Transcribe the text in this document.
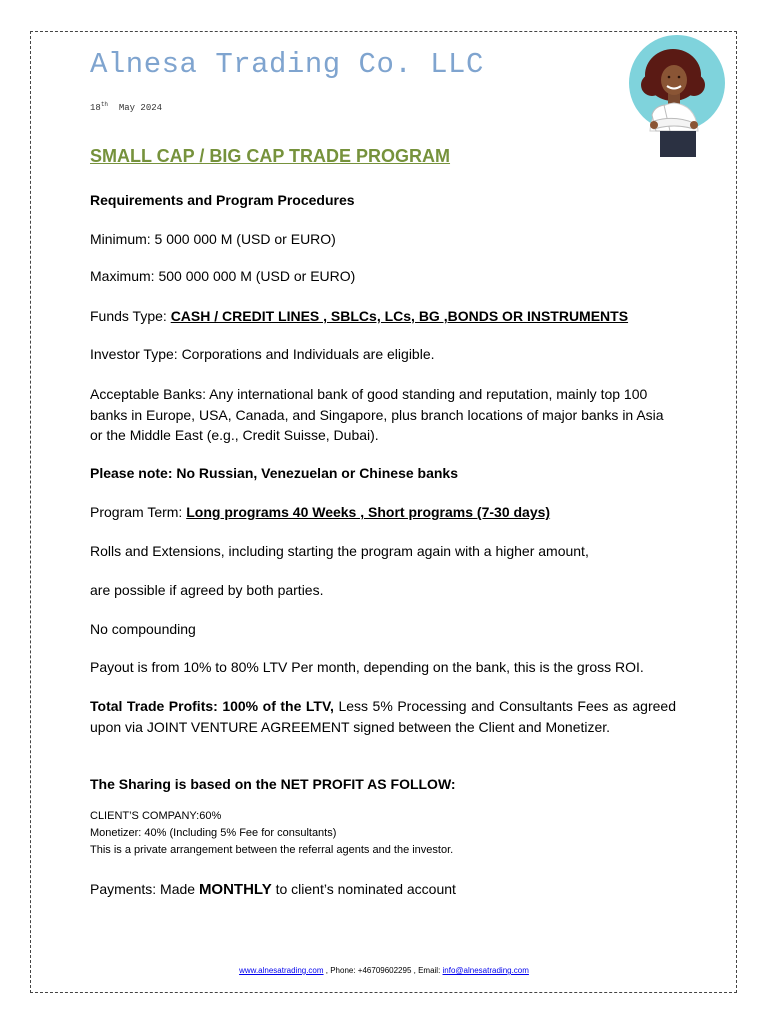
Alnesa Trading Co. LLC
18th May 2024
SMALL CAP / BIG CAP TRADE PROGRAM
Requirements and Program Procedures
Minimum: 5 000 000 M (USD or EURO)
Maximum: 500 000 000 M (USD or EURO)
Funds Type: CASH / CREDIT LINES , SBLCs, LCs, BG ,BONDS OR INSTRUMENTS
Investor Type: Corporations and Individuals are eligible.
Acceptable Banks: Any international bank of good standing and reputation, mainly top 100 banks in Europe, USA, Canada, and Singapore, plus branch locations of major banks in Asia or the Middle East (e.g., Credit Suisse, Dubai).
Please note: No Russian, Venezuelan or Chinese banks
Program Term: Long programs 40 Weeks , Short programs (7-30 days)
Rolls and Extensions, including starting the program again with a higher amount,
are possible if agreed by both parties.
No compounding
Payout is from 10% to 80% LTV Per month, depending on the bank, this is the gross ROI.
Total Trade Profits: 100% of the LTV, Less 5% Processing and Consultants Fees as agreed upon via JOINT VENTURE AGREEMENT signed between the Client and Monetizer.
The Sharing is based on the NET PROFIT AS FOLLOW:
CLIENT’S COMPANY:60%
Monetizer: 40% (Including 5% Fee for consultants)
This is a private arrangement between the referral agents and the investor.
Payments: Made MONTHLY to client’s nominated account
www.alnesatrading.com , Phone: +46709602295 , Email: info@alnesatrading.com
